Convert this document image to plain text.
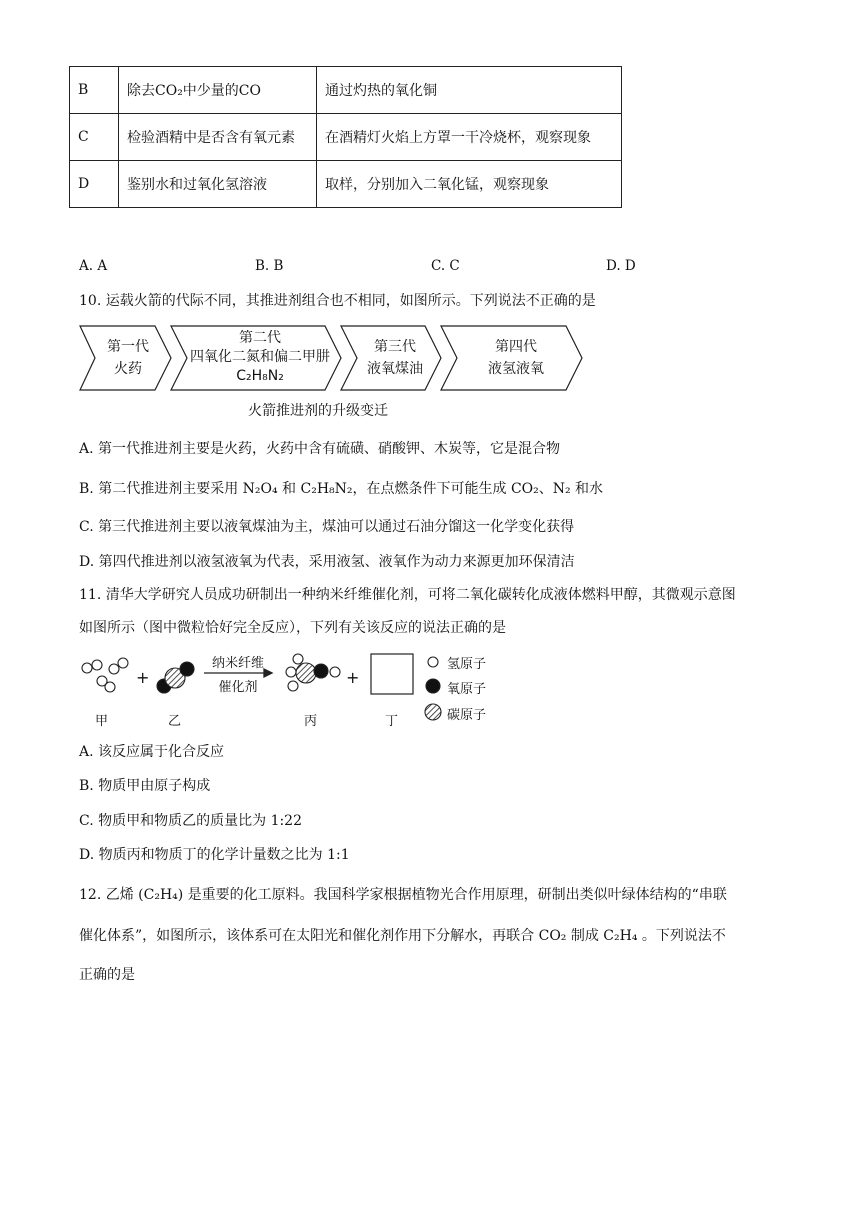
B	除去CO₂中少量的CO	通过灼热的氧化铜
C	检验酒精中是否含有氧元素	在酒精灯火焰上方罩一干冷烧杯，观察现象
D	鉴别水和过氧化氢溶液	取样，分别加入二氧化锰，观察现象
A. A	B. B	C. C	D. D
10. 运载火箭的代际不同，其推进剂组合也不相同，如图所示。下列说法不正确的是
第一代
火药
第二代
四氧化二氮和偏二甲肼
C₂H₈N₂
第三代
液氧煤油
第四代
液氢液氧
火箭推进剂的升级变迁
A. 第一代推进剂主要是火药，火药中含有硫磺、硝酸钾、木炭等，它是混合物
B. 第二代推进剂主要采用 N₂O₄ 和 C₂H₈N₂，在点燃条件下可能生成 CO₂、N₂ 和水
C. 第三代推进剂主要以液氧煤油为主，煤油可以通过石油分馏这一化学变化获得
D. 第四代推进剂以液氢液氧为代表，采用液氢、液氧作为动力来源更加环保清洁
11. 清华大学研究人员成功研制出一种纳米纤维催化剂，可将二氧化碳转化成液体燃料甲醇，其微观示意图
如图所示（图中微粒恰好完全反应），下列有关该反应的说法正确的是
+	+
纳米纤维
催化剂
甲	乙	丙	丁
氢原子
氧原子
碳原子
A. 该反应属于化合反应
B. 物质甲由原子构成
C. 物质甲和物质乙的质量比为 1:22
D. 物质丙和物质丁的化学计量数之比为 1:1
12. 乙烯 (C₂H₄) 是重要的化工原料。我国科学家根据植物光合作用原理，研制出类似叶绿体结构的“串联
催化体系”，如图所示，该体系可在太阳光和催化剂作用下分解水，再联合 CO₂ 制成 C₂H₄ 。下列说法不
正确的是
